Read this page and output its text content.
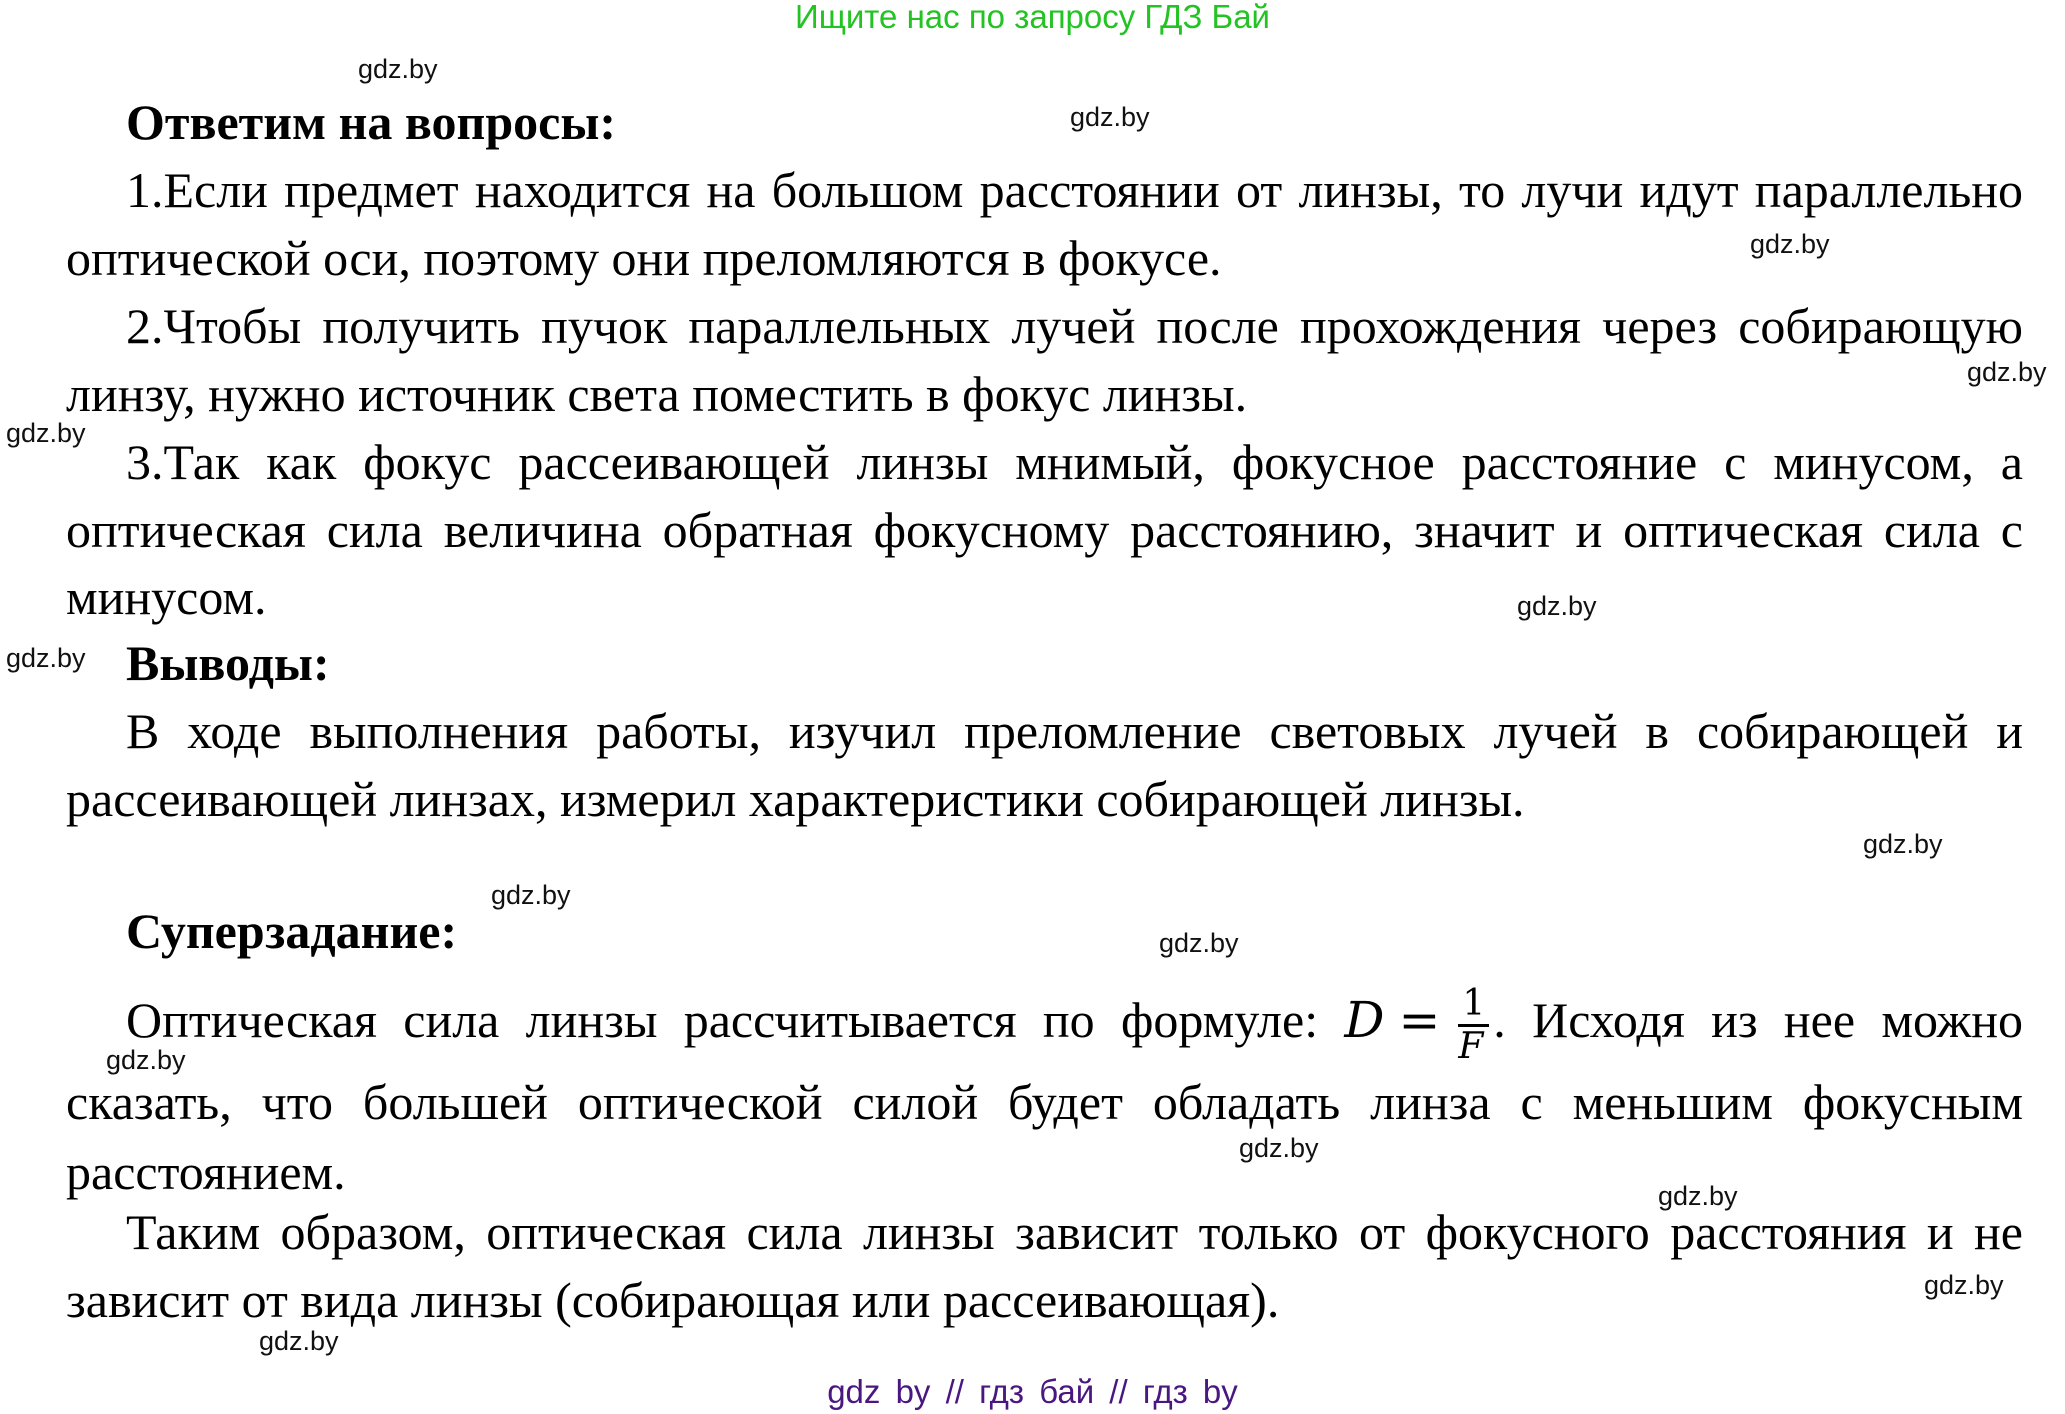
Ищите нас по запросу ГДЗ Бай
Ответим на вопросы:
1.Если предмет находится на большом расстоянии от линзы, то лучи идут параллельно оптической оси, поэтому они преломляются в фокусе.
2.Чтобы получить пучок параллельных лучей после прохождения через собирающую линзу, нужно источник света поместить в фокус линзы.
3.Так как фокус рассеивающей линзы мнимый, фокусное расстояние с минусом, а оптическая сила величина обратная фокусному расстоянию, значит и оптическая сила с минусом.
Выводы:
В ходе выполнения работы, изучил преломление световых лучей в собирающей и рассеивающей линзах, измерил характеристики собирающей линзы.
Суперзадание:
Оптическая сила линзы рассчитывается по формуле: $D = \frac{1}{F}$ . Исходя из нее можно сказать, что большей оптической силой будет обладать линза с меньшим фокусным расстоянием.
Таким образом, оптическая сила линзы зависит только от фокусного расстояния и не зависит от вида линзы (собирающая или рассеивающая).
gdz.by
gdz.by
gdz.by
gdz.by
gdz.by
gdz.by
gdz.by
gdz.by
gdz.by
gdz.by
gdz.by
gdz.by
gdz.by
gdz.by
gdz.by
gdz by // гдз бай // гдз by
